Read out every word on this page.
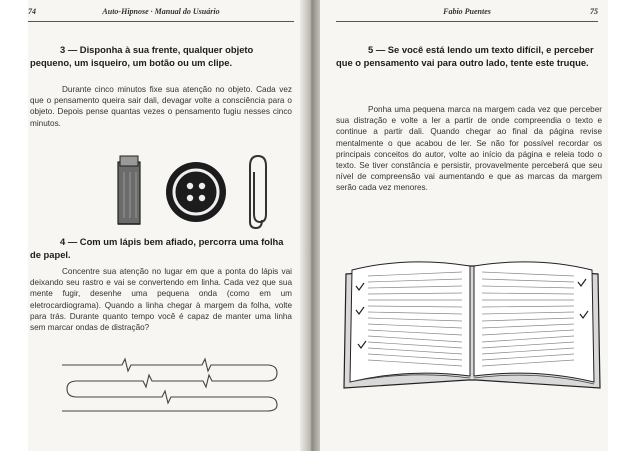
74	Auto-Hipnose · Manual do Usuário
3 — Disponha à sua frente, qualquer objeto pequeno, um isqueiro, um botão ou um clipe.
Durante cinco minutos fixe sua atenção no objeto. Cada vez que o pensamento queira sair dali, devagar volte a consciência para o objeto. Depois pense quantas vezes o pensamento fugiu nesses cinco minutos.
4 — Com um lápis bem afiado, percorra uma folha de papel.
Concentre sua atenção no lugar em que a ponta do lápis vai deixando seu rastro e vai se convertendo em linha. Cada vez que sua mente fugir, desenhe uma pequena onda (como em um eletrocardiograma). Quando a linha chegar à margem da folha, volte para trás. Durante quanto tempo você é capaz de manter uma linha sem marcar ondas de distração?
Fabio Puentes	75
5 — Se você está lendo um texto difícil, e perceber que o pensamento vai para outro lado, tente este truque.
Ponha uma pequena marca na margem cada vez que perceber sua distração e volte a ler a partir de onde compreendia o texto e continue a partir dali. Quando chegar ao final da página revise mentalmente o que acabou de ler. Se não for possível recordar os principais conceitos do autor, volte ao início da página e releia todo o texto. Se tiver constância e persistir, provavelmente perceberá que seu nível de compreensão vai aumentando e que as marcas da margem serão cada vez menores.
